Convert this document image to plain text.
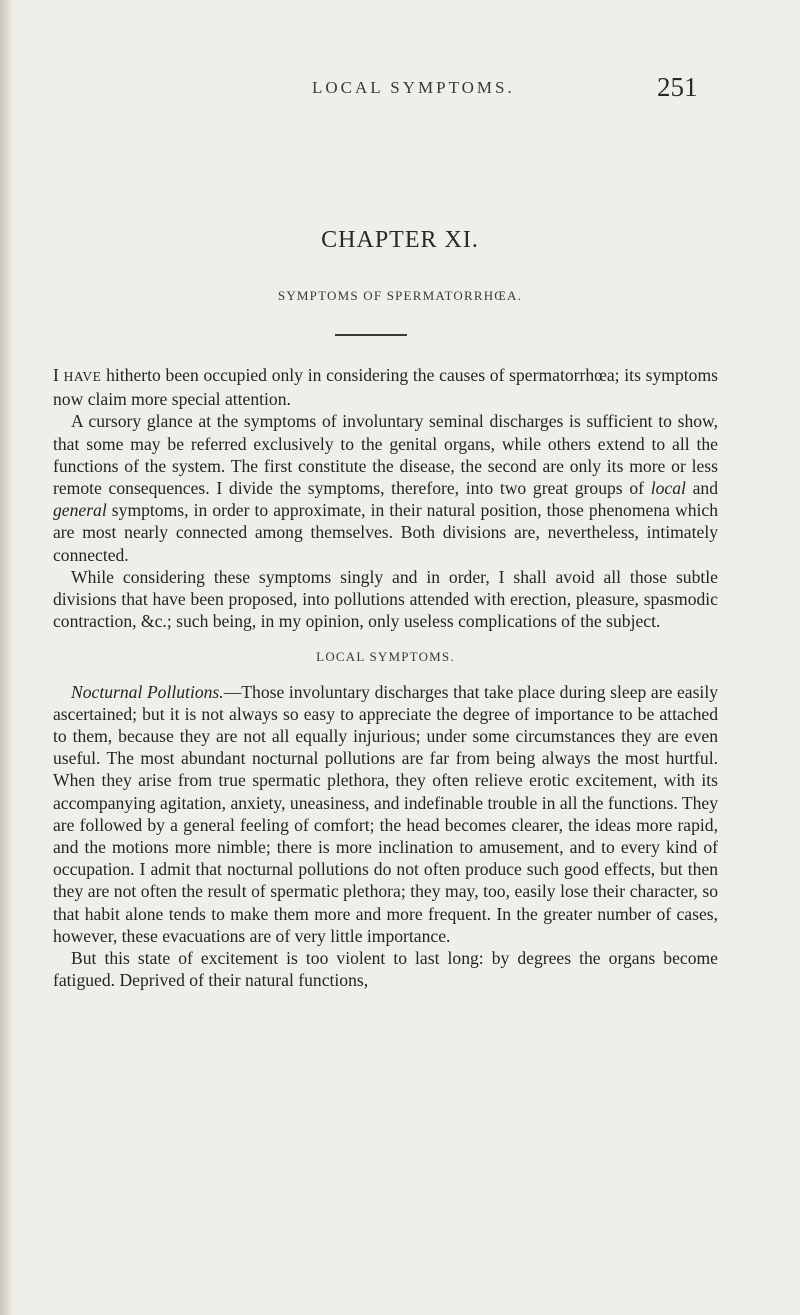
LOCAL SYMPTOMS.	251
CHAPTER XI.
SYMPTOMS OF SPERMATORRHŒA.

I HAVE hitherto been occupied only in considering the causes of spermatorrhœa; its symptoms now claim more special attention.

A cursory glance at the symptoms of involuntary seminal discharges is sufficient to show, that some may be referred exclusively to the genital organs, while others extend to all the functions of the system. The first constitute the disease, the second are only its more or less remote consequences. I divide the symptoms, therefore, into two great groups of local and general symptoms, in order to approximate, in their natural position, those phenomena which are most nearly connected among themselves. Both divisions are, nevertheless, intimately connected.

While considering these symptoms singly and in order, I shall avoid all those subtle divisions that have been proposed, into pollutions attended with erection, pleasure, spasmodic contraction, &c.; such being, in my opinion, only useless complications of the subject.

LOCAL SYMPTOMS.

Nocturnal Pollutions.—Those involuntary discharges that take place during sleep are easily ascertained; but it is not always so easy to appreciate the degree of importance to be attached to them, because they are not all equally injurious; under some circumstances they are even useful. The most abundant nocturnal pollutions are far from being always the most hurtful. When they arise from true spermatic plethora, they often relieve erotic excitement, with its accompanying agitation, anxiety, uneasiness, and indefinable trouble in all the functions. They are followed by a general feeling of comfort; the head becomes clearer, the ideas more rapid, and the motions more nimble; there is more inclination to amusement, and to every kind of occupation. I admit that nocturnal pollutions do not often produce such good effects, but then they are not often the result of spermatic plethora; they may, too, easily lose their character, so that habit alone tends to make them more and more frequent. In the greater number of cases, however, these evacuations are of very little importance.

But this state of excitement is too violent to last long: by degrees the organs become fatigued. Deprived of their natural functions,
